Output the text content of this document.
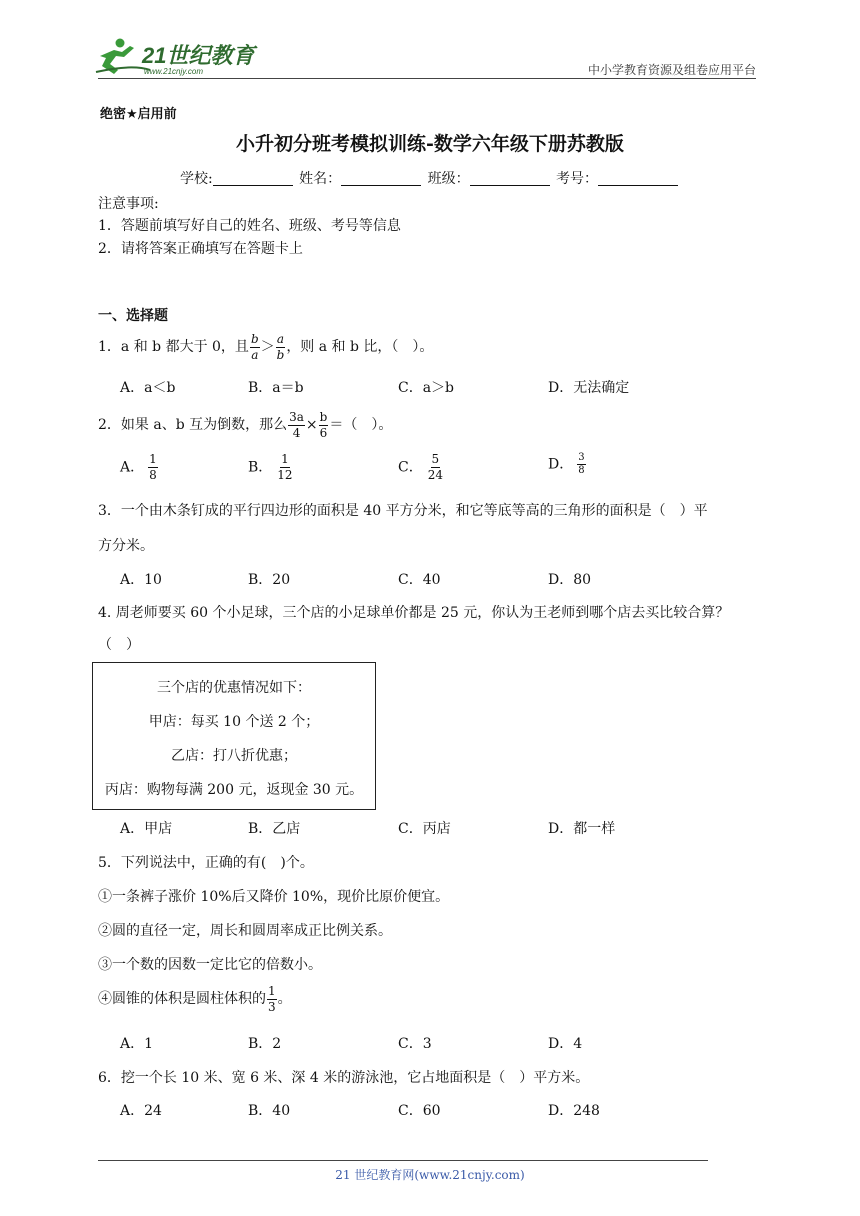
21世纪教育
www.21cnjy.com	中小学教育资源及组卷应用平台
绝密★启用前
小升初分班考模拟训练-数学六年级下册苏教版
学校:	姓名：	班级：	考号：
注意事项:
1．答题前填写好自己的姓名、班级、考号等信息
2．请将答案正确填写在答题卡上
一、选择题
1．a 和 b 都大于 0，且 $\frac{b}{a} > \frac{a}{b}$ ，则 a 和 b 比，（　）。
A．a＜b	B．a＝b	C．a＞b	D．无法确定
2．如果 a、b 互为倒数，那么 $\frac{3a}{4} \times \frac{b}{6}$ ＝（　）。
A． $\frac{1}{8}$	B． $\frac{1}{12}$	C． $\frac{5}{24}$	D． $\frac{3}{8}$
3．一个由木条钉成的平行四边形的面积是 40 平方分米，和它等底等高的三角形的面积是（　）平
方分米。
A．10	B．20	C．40	D．80
4. 周老师要买 60 个小足球，三个店的小足球单价都是 25 元，你认为王老师到哪个店去买比较合算？
（　）
三个店的优惠情况如下：
甲店：每买 10 个送 2 个；
乙店：打八折优惠；
丙店：购物每满 200 元，返现金 30 元。
A．甲店	B．乙店	C．丙店	D．都一样
5．下列说法中，正确的有(　)个。
①一条裤子涨价 10%后又降价 10%，现价比原价便宜。
②圆的直径一定，周长和圆周率成正比例关系。
③一个数的因数一定比它的倍数小。
④圆锥的体积是圆柱体积的 $\frac{1}{3}$ 。
A．1	B．2	C．3	D．4
6．挖一个长 10 米、宽 6 米、深 4 米的游泳池，它占地面积是（　）平方米。
A．24	B．40	C．60	D．248
21 世纪教育网(www.21cnjy.com)
